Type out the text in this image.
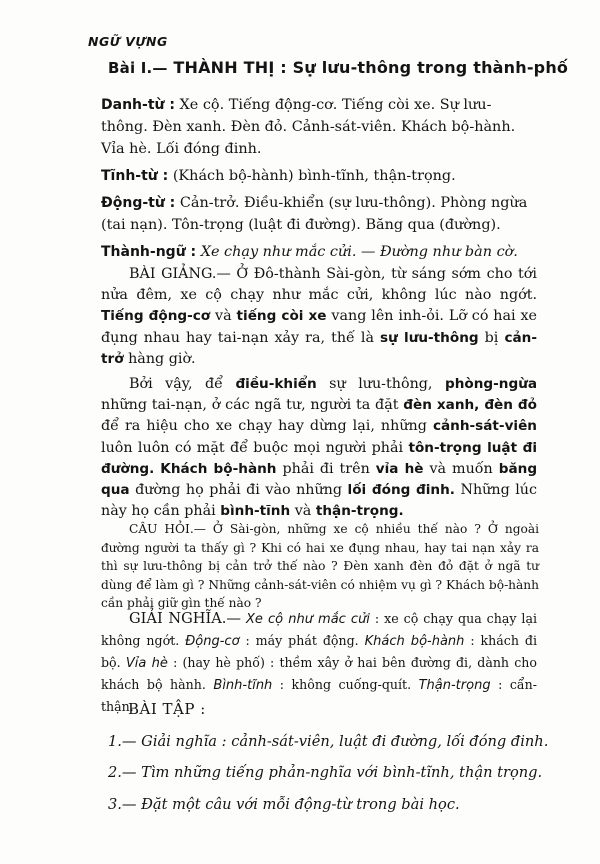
NGỮ VỰNG
Bài I.— THÀNH THỊ : Sự lưu-thông trong thành-phố

Danh-từ : Xe cộ. Tiếng động-cơ. Tiếng còi xe. Sự lưu-thông. Đèn xanh. Đèn đỏ. Cảnh-sát-viên. Khách bộ-hành. Vỉa hè. Lối đóng đinh.

Tĩnh-từ : (Khách bộ-hành) bình-tĩnh, thận-trọng.

Động-từ : Cản-trở. Điều-khiển (sự lưu-thông). Phòng ngừa (tai nạn). Tôn-trọng (luật đi đường). Băng qua (đường).

Thành-ngữ : Xe chạy như mắc cửi. — Đường như bàn cờ.

BÀI GIẢNG.— Ở Đô-thành Sài-gòn, từ sáng sớm cho tới nửa đêm, xe cộ chạy như mắc cửi, không lúc nào ngớt. Tiếng động-cơ và tiếng còi xe vang lên inh-ỏi. Lỡ có hai xe đụng nhau hay tai-nạn xảy ra, thế là sự lưu-thông bị cản-trở hàng giờ.

Bởi vậy, để điều-khiển sự lưu-thông, phòng-ngừa những tai-nạn, ở các ngã tư, người ta đặt đèn xanh, đèn đỏ để ra hiệu cho xe chạy hay dừng lại, những cảnh-sát-viên luôn luôn có mặt để buộc mọi người phải tôn-trọng luật đi đường. Khách bộ-hành phải đi trên vỉa hè và muốn băng qua đường họ phải đi vào những lối đóng đinh. Những lúc này họ cần phải bình-tĩnh và thận-trọng.

CÂU HỎI.— Ở Sài-gòn, những xe cộ nhiều thế nào ? Ở ngoài đường người ta thấy gì ? Khi có hai xe đụng nhau, hay tai nạn xảy ra thì sự lưu-thông bị cản trở thế nào ? Đèn xanh đèn đỏ đặt ở ngã tư dùng để làm gì ? Những cảnh-sát-viên có nhiệm vụ gì ? Khách bộ-hành cần phải giữ gìn thế nào ?

GIẢI NGHĨA.— Xe cộ như mắc cửi : xe cộ chạy qua chạy lại không ngớt. Động-cơ : máy phát động. Khách bộ-hành : khách đi bộ. Vỉa hè : (hay hè phố) : thềm xây ở hai bên đường đi, dành cho khách bộ hành. Bình-tĩnh : không cuống-quít. Thận-trọng : cẩn-thận.

BÀI TẬP :
1.— Giải nghĩa : cảnh-sát-viên, luật đi đường, lối đóng đinh.
2.— Tìm những tiếng phản-nghĩa với bình-tĩnh, thận trọng.
3.— Đặt một câu với mỗi động-từ trong bài học.
